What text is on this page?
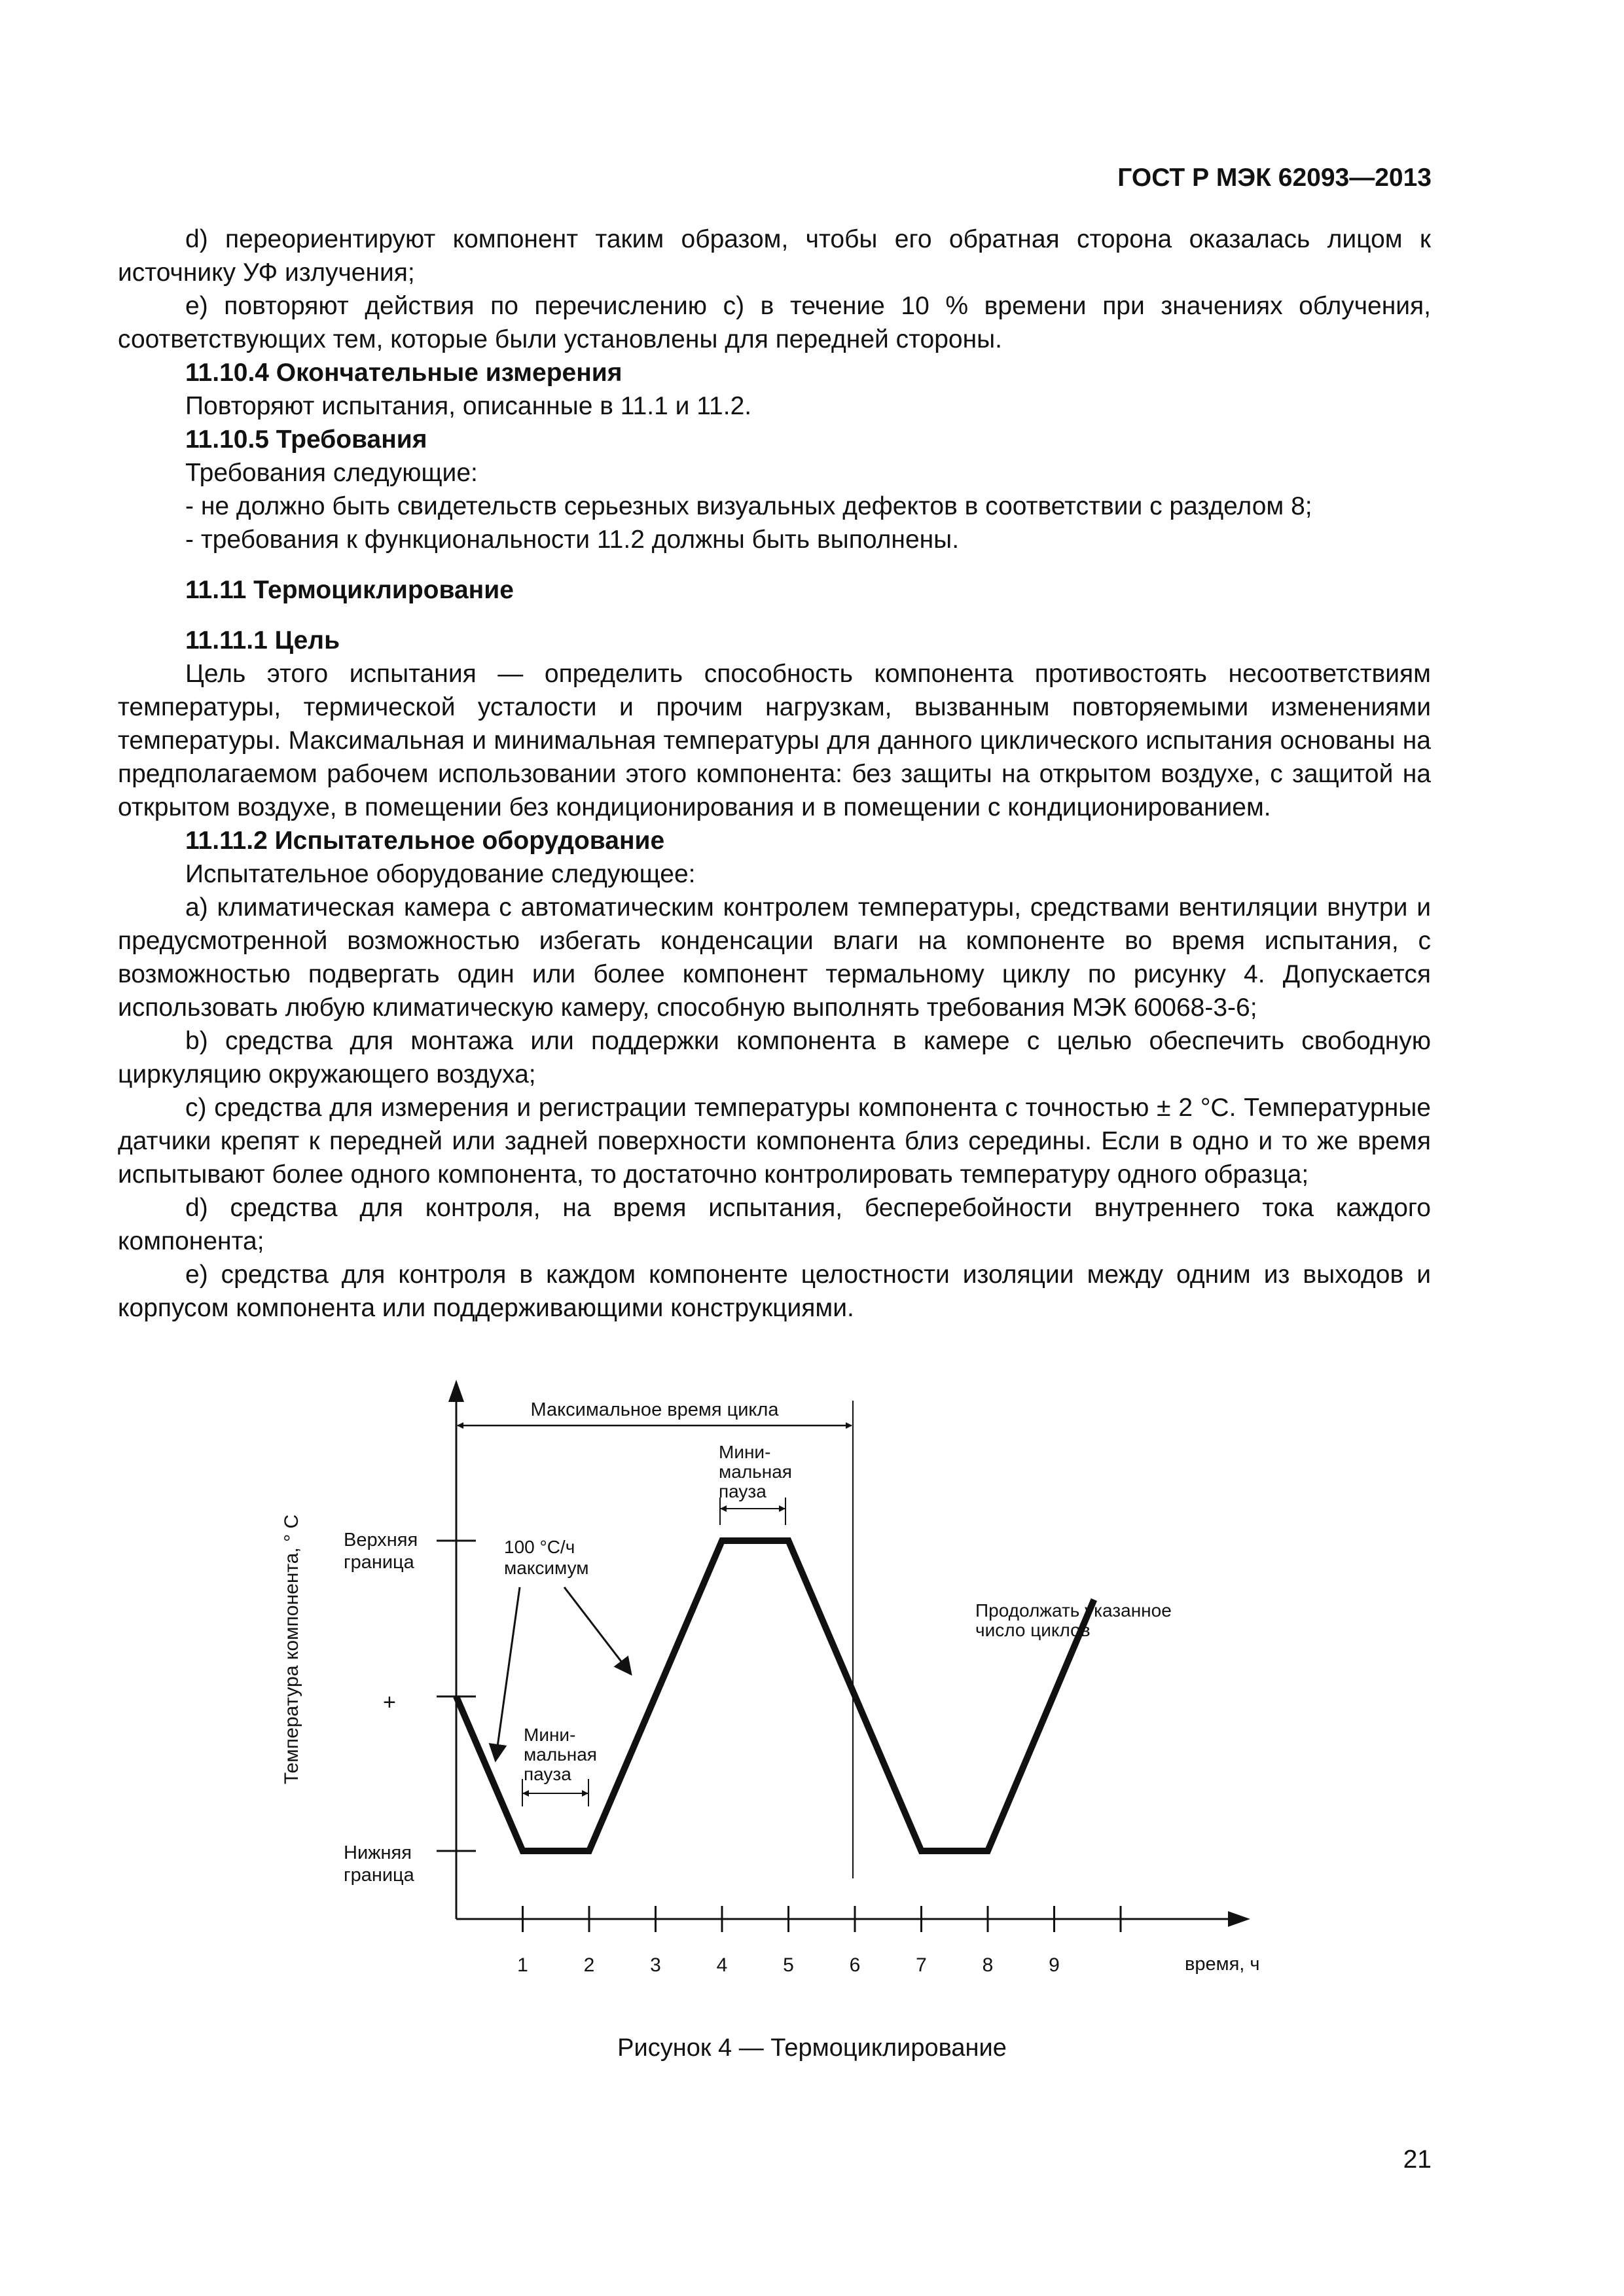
ГОСТ Р МЭК 62093—2013

d) переориентируют компонент таким образом, чтобы его обратная сторона оказалась лицом к источнику УФ излучения;

е) повторяют действия по перечислению с) в течение 10 % времени при значениях облучения, соответствующих тем, которые были установлены для передней стороны.

11.10.4 Окончательные измерения

Повторяют испытания, описанные в 11.1 и 11.2.

11.10.5 Требования

Требования следующие:

- не должно быть свидетельств серьезных визуальных дефектов в соответствии с разделом 8;

- требования к функциональности 11.2 должны быть выполнены.

11.11 Термоциклирование

11.11.1 Цель

Цель этого испытания — определить способность компонента противостоять несоответствиям температуры, термической усталости и прочим нагрузкам, вызванным повторяемыми изменениями температуры. Максимальная и минимальная температуры для данного циклического испытания основаны на предполагаемом рабочем использовании этого компонента: без защиты на открытом воздухе, с защитой на открытом воздухе, в помещении без кондиционирования и в помещении с кондиционированием.

11.11.2 Испытательное оборудование

Испытательное оборудование следующее:

а) климатическая камера с автоматическим контролем температуры, средствами вентиляции внутри и предусмотренной возможностью избегать конденсации влаги на компоненте во время испытания, с возможностью подвергать один или более компонент термальному циклу по рисунку 4. Допускается использовать любую климатическую камеру, способную выполнять требования МЭК 60068-3-6;

b) средства для монтажа или поддержки компонента в камере с целью обеспечить свободную циркуляцию окружающего воздуха;

с) средства для измерения и регистрации температуры компонента с точностью ± 2 °С. Температурные датчики крепят к передней или задней поверхности компонента близ середины. Если в одно и то же время испытывают более одного компонента, то достаточно контролировать температуру одного образца;

d) средства для контроля, на время испытания, бесперебойности внутреннего тока каждого компонента;

е) средства для контроля в каждом компоненте целостности изоляции между одним из выходов и корпусом компонента или поддерживающими конструкциями.

1	2	3	4	5	6	7	8	9
Максимальное время цикла
Мини-
мальная
пауза
Мини-
мальная
пауза
100 °С/ч
максимум
Продолжать указанное
число циклов
Верхняя
граница
+
Нижняя
граница
Температура компонента, ° С
время, ч
Рисунок 4 — Термоциклирование
21
